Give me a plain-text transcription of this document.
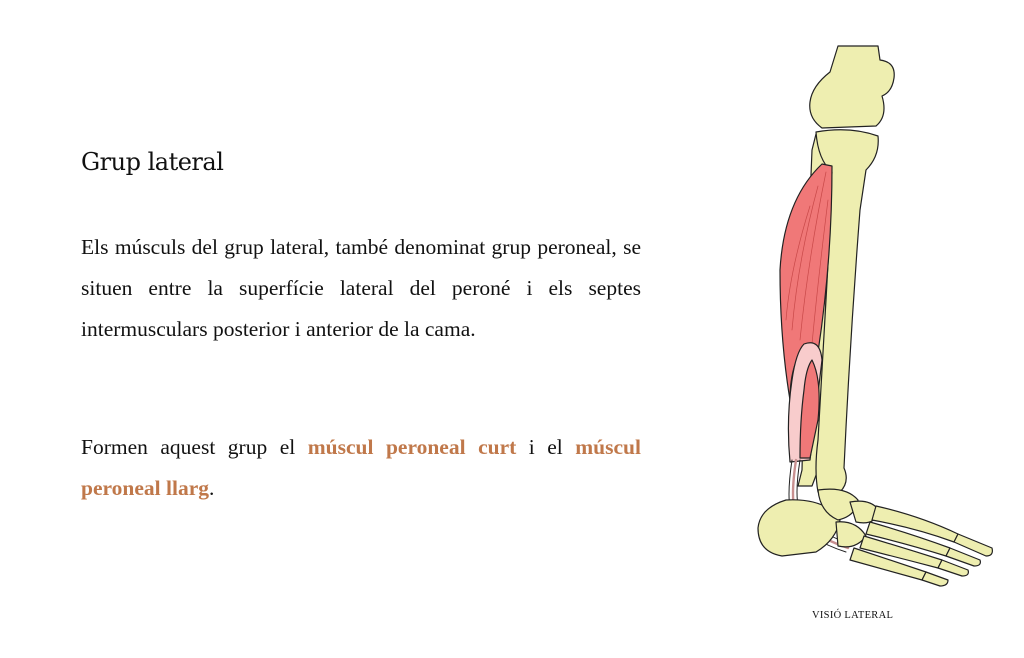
Grup lateral

Els músculs del grup lateral, també denominat grup peroneal, se situen entre la superfície lateral del peroné i els septes intermusculars posterior i anterior de la cama.

Formen aquest grup el múscul peroneal curt i el múscul peroneal llarg.

VISIÓ LATERAL
